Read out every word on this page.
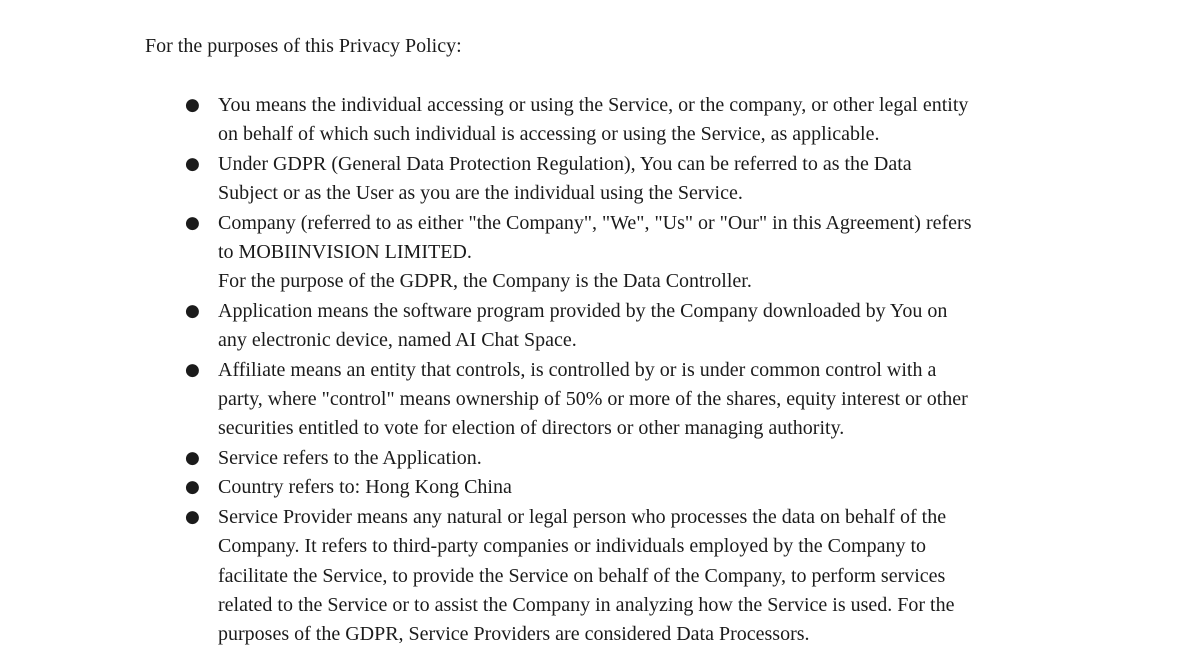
For the purposes of this Privacy Policy:

● You means the individual accessing or using the Service, or the company, or other legal entity
on behalf of which such individual is accessing or using the Service, as applicable.
● Under GDPR (General Data Protection Regulation), You can be referred to as the Data
Subject or as the User as you are the individual using the Service.
● Company (referred to as either "the Company", "We", "Us" or "Our" in this Agreement) refers
to MOBIINVISION LIMITED.
For the purpose of the GDPR, the Company is the Data Controller.
● Application means the software program provided by the Company downloaded by You on
any electronic device, named AI Chat Space.
● Affiliate means an entity that controls, is controlled by or is under common control with a
party, where "control" means ownership of 50% or more of the shares, equity interest or other
securities entitled to vote for election of directors or other managing authority.
● Service refers to the Application.
● Country refers to: Hong Kong China
● Service Provider means any natural or legal person who processes the data on behalf of the
Company. It refers to third-party companies or individuals employed by the Company to
facilitate the Service, to provide the Service on behalf of the Company, to perform services
related to the Service or to assist the Company in analyzing how the Service is used. For the
purposes of the GDPR, Service Providers are considered Data Processors.
